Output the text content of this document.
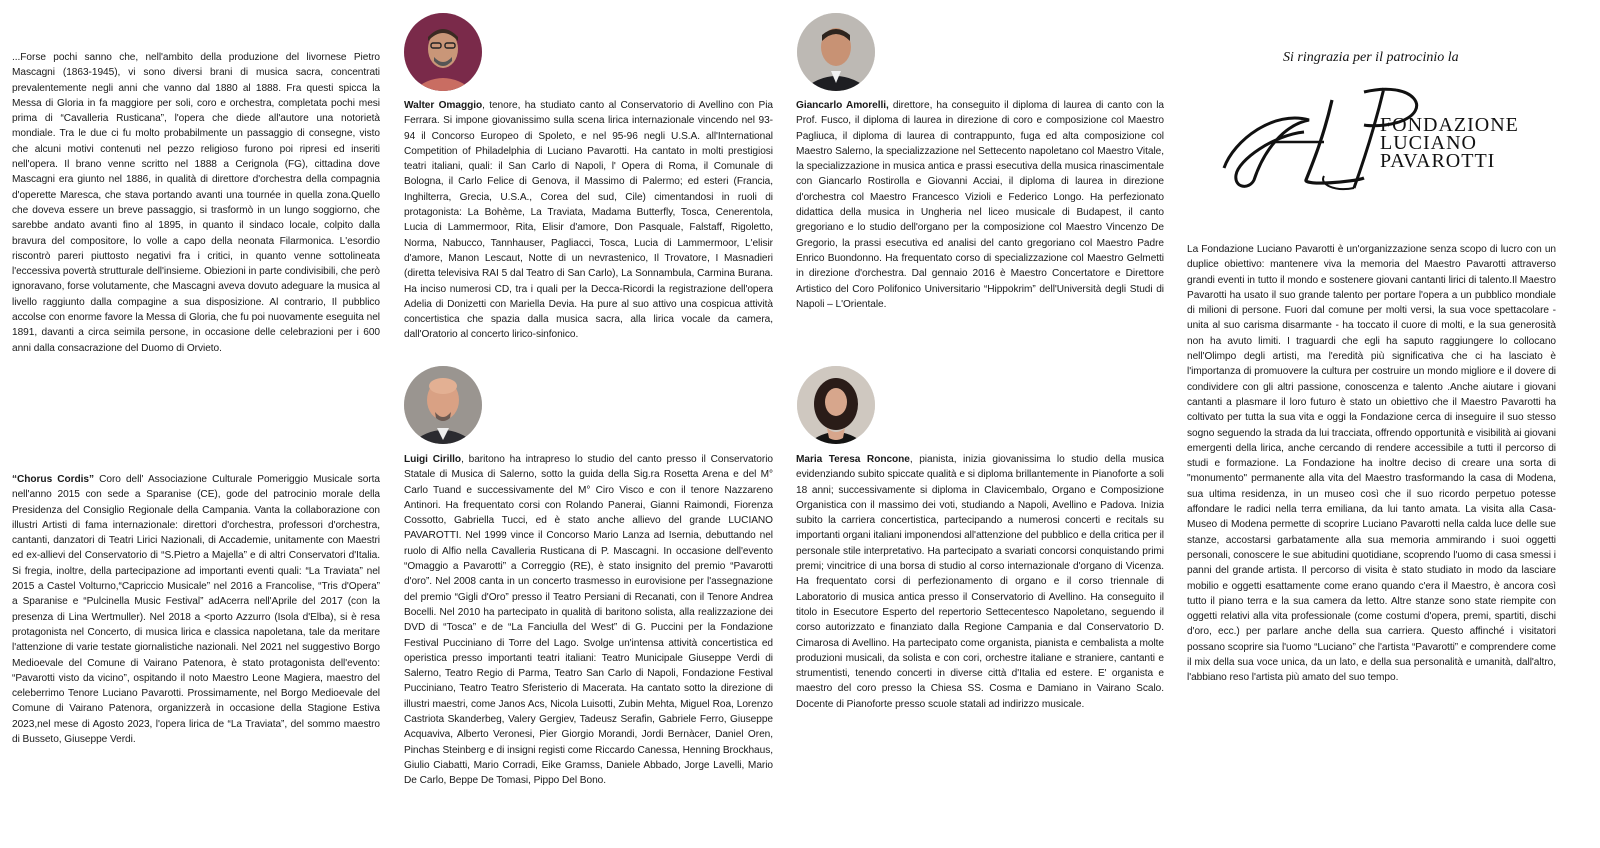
...Forse pochi sanno che, nell'ambito della produzione del livornese Pietro Mascagni (1863-1945), vi sono diversi brani di musica sacra, concentrati prevalentemente negli anni che vanno dal 1880 al 1888. Fra questi spicca la Messa di Gloria in fa maggiore per soli, coro e orchestra, completata pochi mesi prima di “Cavalleria Rusticana”, l'opera che diede all'autore una notorietà mondiale. Tra le due ci fu molto probabilmente un passaggio di consegne, visto che alcuni motivi contenuti nel pezzo religioso furono poi ripresi ed inseriti nell'opera. Il brano venne scritto nel 1888 a Cerignola (FG), cittadina dove Mascagni era giunto nel 1886, in qualità di direttore d'orchestra della compagnia d'operette Maresca, che stava portando avanti una tournée in quella zona.Quello che doveva essere un breve passaggio, si trasformò in un lungo soggiorno, che sarebbe andato avanti fino al 1895, in quanto il sindaco locale, colpito dalla bravura del compositore, lo volle a capo della neonata Filarmonica. L'esordio riscontrò pareri piuttosto negativi fra i critici, in quanto venne sottolineata l'eccessiva povertà strutturale dell'insieme. Obiezioni in parte condivisibili, che però ignoravano, forse volutamente, che Mascagni aveva dovuto adeguare la musica al livello raggiunto dalla compagine a sua disposizione. Al contrario, Il pubblico accolse con enorme favore la Messa di Gloria, che fu poi nuovamente eseguita nel 1891, davanti a circa seimila persone, in occasione delle celebrazioni per i 600 anni dalla consacrazione del Duomo di Orvieto.

“Chorus Cordis” Coro dell' Associazione Culturale Pomeriggio Musicale sorta nell'anno 2015 con sede a Sparanise (CE), gode del patrocinio morale della Presidenza del Consiglio Regionale della Campania. Vanta la collaborazione con illustri Artisti di fama internazionale: direttori d'orchestra, professori d'orchestra, cantanti, danzatori di Teatri Lirici Nazionali, di Accademie, unitamente con Maestri ed ex-allievi del Conservatorio di “S.Pietro a Majella” e di altri Conservatori d'Italia. Si fregia, inoltre, della partecipazione ad importanti eventi quali: “La Traviata” nel 2015 a Castel Volturno,“Capriccio Musicale” nel 2016 a Francolise, “Tris d'Opera” a Sparanise e “Pulcinella Music Festival” adAcerra nell'Aprile del 2017 (con la presenza di Lina Wertmuller). Nel 2018 a <porto Azzurro (Isola d'Elba), si è resa protagonista nel Concerto, di musica lirica e classica napoletana, tale da meritare l'attenzione di varie testate giornalistiche nazionali. Nel 2021 nel suggestivo Borgo Medioevale del Comune di Vairano Patenora, è stato protagonista dell'evento: “Pavarotti visto da vicino”, ospitando il noto Maestro Leone Magiera, maestro del celeberrimo Tenore Luciano Pavarotti. Prossimamente, nel Borgo Medioevale del Comune di Vairano Patenora, organizzerà in occasione della Stagione Estiva 2023,nel mese di Agosto 2023, l'opera lirica de “La Traviata”, del sommo maestro di Busseto, Giuseppe Verdi.

Walter Omaggio, tenore, ha studiato canto al Conservatorio di Avellino con Pia Ferrara. Si impone giovanissimo sulla scena lirica internazionale vincendo nel 93-94 il Concorso Europeo di Spoleto, e nel 95-96 negli U.S.A. all'International Competition of Philadelphia di Luciano Pavarotti. Ha cantato in molti prestigiosi teatri italiani, quali: il San Carlo di Napoli, l' Opera di Roma, il Comunale di Bologna, il Carlo Felice di Genova, il Massimo di Palermo; ed esteri (Francia, Inghilterra, Grecia, U.S.A., Corea del sud, Cile) cimentandosi in ruoli di protagonista: La Bohème, La Traviata, Madama Butterfly, Tosca, Cenerentola, Lucia di Lammermoor, Rita, Elisir d'amore, Don Pasquale, Falstaff, Rigoletto, Norma, Nabucco, Tannhauser, Pagliacci, Tosca, Lucia di Lammermoor, L'elisir d'amore, Manon Lescaut, Notte di un nevrastenico, Il Trovatore, I Masnadieri (diretta televisiva RAI 5 dal Teatro di San Carlo), La Sonnambula, Carmina Burana. Ha inciso numerosi CD, tra i quali per la Decca-Ricordi la registrazione dell'opera Adelia di Donizetti con Mariella Devia. Ha pure al suo attivo una cospicua attività concertistica che spazia dalla musica sacra, alla lirica vocale da camera, dall'Oratorio al concerto lirico-sinfonico.

Luigi Cirillo, baritono ha intrapreso lo studio del canto presso il Conservatorio Statale di Musica di Salerno, sotto la guida della Sig.ra Rosetta Arena e del M° Carlo Tuand e successivamente del M° Ciro Visco e con il tenore Nazzareno Antinori. Ha frequentato corsi con Rolando Panerai, Gianni Raimondi, Fiorenza Cossotto, Gabriella Tucci, ed è stato anche allievo del grande LUCIANO PAVAROTTI. Nel 1999 vince il Concorso Mario Lanza ad Isernia, debuttando nel ruolo di Alfio nella Cavalleria Rusticana di P. Mascagni. In occasione dell'evento “Omaggio a Pavarotti” a Correggio (RE), è stato insignito del premio “Pavarotti d'oro”. Nel 2008 canta in un concerto trasmesso in eurovisione per l'assegnazione del premio “Gigli d'Oro” presso il Teatro Persiani di Recanati, con il Tenore Andrea Bocelli. Nel 2010 ha partecipato in qualità di baritono solista, alla realizzazione dei DVD di “Tosca” e de “La Fanciulla del West” di G. Puccini per la Fondazione Festival Pucciniano di Torre del Lago. Svolge un'intensa attività concertistica ed operistica presso importanti teatri italiani: Teatro Municipale Giuseppe Verdi di Salerno, Teatro Regio di Parma, Teatro San Carlo di Napoli, Fondazione Festival Pucciniano, Teatro Teatro Sferisterio di Macerata. Ha cantato sotto la direzione di illustri maestri, come Janos Acs, Nicola Luisotti, Zubin Mehta, Miguel Roa, Lorenzo Castriota Skanderbeg, Valery Gergiev, Tadeusz Serafin, Gabriele Ferro, Giuseppe Acquaviva, Alberto Veronesi, Pier Giorgio Morandi, Jordi Bernàcer, Daniel Oren, Pinchas Steinberg e di insigni registi come Riccardo Canessa, Henning Brockhaus, Giulio Ciabatti, Mario Corradi, Eike Gramss, Daniele Abbado, Jorge Lavelli, Mario De Carlo, Beppe De Tomasi, Pippo Del Bono.

Giancarlo Amorelli, direttore, ha conseguito il diploma di laurea di canto con la Prof. Fusco, il diploma di laurea in direzione di coro e composizione col Maestro Pagliuca, il diploma di laurea di contrappunto, fuga ed alta composizione col Maestro Salerno, la specializzazione nel Settecento napoletano col Maestro Vitale, la specializzazione in musica antica e prassi esecutiva della musica rinascimentale con Giancarlo Rostirolla e Giovanni Acciai, il diploma di laurea in direzione d'orchestra col Maestro Francesco Vizioli e Federico Longo. Ha perfezionato didattica della musica in Ungheria nel liceo musicale di Budapest, il canto gregoriano e lo studio dell'organo per la composizione col Maestro Vincenzo De Gregorio, la prassi esecutiva ed analisi del canto gregoriano col Maestro Padre Enrico Buondonno. Ha frequentato corso di specializzazione col Maestro Gelmetti in direzione d'orchestra. Dal gennaio 2016 è Maestro Concertatore e Direttore Artistico del Coro Polifonico Universitario “Hippokrim” dell'Università degli Studi di Napoli – L'Orientale.

Maria Teresa Roncone, pianista, inizia giovanissima lo studio della musica evidenziando subito spiccate qualità e si diploma brillantemente in Pianoforte a soli 18 anni; successivamente si diploma in Clavicembalo, Organo e Composizione Organistica con il massimo dei voti, studiando a Napoli, Avellino e Padova. Inizia subito la carriera concertistica, partecipando a numerosi concerti e recitals su importanti organi italiani imponendosi all'attenzione del pubblico e della critica per il personale stile interpretativo. Ha partecipato a svariati concorsi conquistando primi premi; vincitrice di una borsa di studio al corso internazionale d'organo di Vicenza. Ha frequentato corsi di perfezionamento di organo e il corso triennale di Laboratorio di musica antica presso il Conservatorio di Avellino. Ha conseguito il titolo in Esecutore Esperto del repertorio Settecentesco Napoletano, seguendo il corso autorizzato e finanziato dalla Regione Campania e dal Conservatorio D. Cimarosa di Avellino. Ha partecipato come organista, pianista e cembalista a molte produzioni musicali, da solista e con cori, orchestre italiane e straniere, cantanti e strumentisti, tenendo concerti in diverse città d'Italia ed estere. E' organista e maestro del coro presso la Chiesa SS. Cosma e Damiano in Vairano Scalo. Docente di Pianoforte presso scuole statali ad indirizzo musicale.

Si ringrazia per il patrocinio la
FONDAZIONE
LUCIANO
PAVAROTTI

La Fondazione Luciano Pavarotti è un'organizzazione senza scopo di lucro con un duplice obiettivo: mantenere viva la memoria del Maestro Pavarotti attraverso grandi eventi in tutto il mondo e sostenere giovani cantanti lirici di talento.Il Maestro Pavarotti ha usato il suo grande talento per portare l'opera a un pubblico mondiale di milioni di persone. Fuori dal comune per molti versi, la sua voce spettacolare - unita al suo carisma disarmante - ha toccato il cuore di molti, e la sua generosità non ha avuto limiti. I traguardi che egli ha saputo raggiungere lo collocano nell'Olimpo degli artisti, ma l'eredità più significativa che ci ha lasciato è l'importanza di promuovere la cultura per costruire un mondo migliore e il dovere di condividere con gli altri passione, conoscenza e talento .Anche aiutare i giovani cantanti a plasmare il loro futuro è stato un obiettivo che il Maestro Pavarotti ha coltivato per tutta la sua vita e oggi la Fondazione cerca di inseguire il suo stesso sogno seguendo la strada da lui tracciata, offrendo opportunità e visibilità ai giovani emergenti della lirica, anche cercando di rendere accessibile a tutti il percorso di studi e formazione. La Fondazione ha inoltre deciso di creare una sorta di "monumento" permanente alla vita del Maestro trasformando la casa di Modena, sua ultima residenza, in un museo così che il suo ricordo perpetuo potesse affondare le radici nella terra emiliana, da lui tanto amata. La visita alla Casa-Museo di Modena permette di scoprire Luciano Pavarotti nella calda luce delle sue stanze, accostarsi garbatamente alla sua memoria ammirando i suoi oggetti personali, conoscere le sue abitudini quotidiane, scoprendo l'uomo di casa smessi i panni del grande artista. Il percorso di visita è stato studiato in modo da lasciare mobilio e oggetti esattamente come erano quando c'era il Maestro, è ancora così tutto il piano terra e la sua camera da letto. Altre stanze sono state riempite con oggetti relativi alla vita professionale (come costumi d'opera, premi, spartiti, dischi d'oro, ecc.) per parlare anche della sua carriera. Questo affinché i visitatori possano scoprire sia l'uomo “Luciano” che l'artista “Pavarotti” e comprendere come il mix della sua voce unica, da un lato, e della sua personalità e umanità, dall'altro, l'abbiano reso l'artista più amato del suo tempo.
